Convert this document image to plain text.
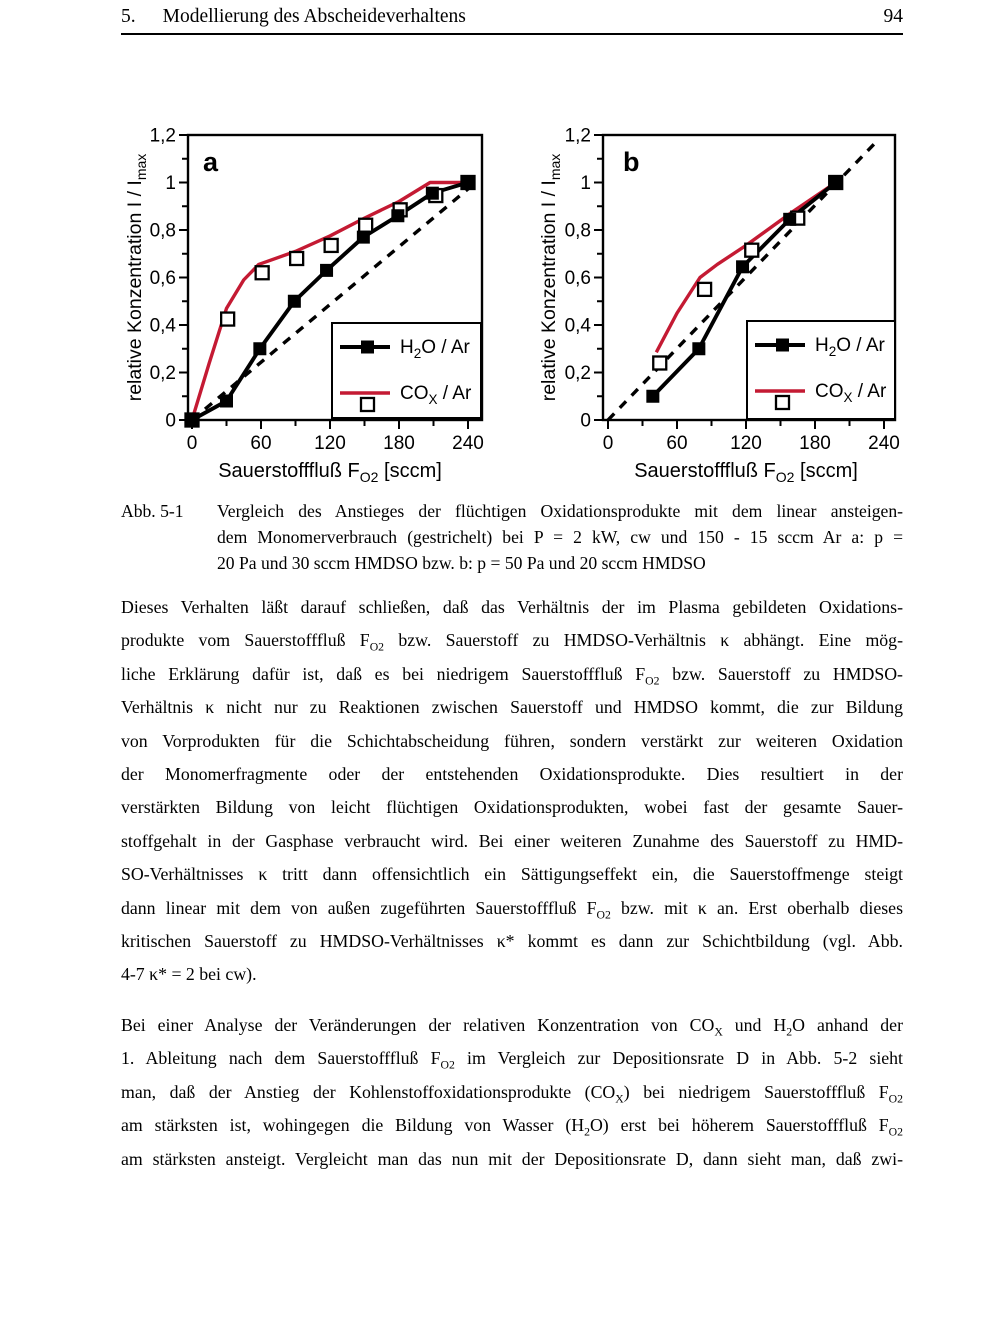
5. Modellierung des Abscheideverhaltens	94
0	60 120 180 240
0
0,2
0,4
0,6
0,8
1
1,2
Sauerstofffluß $F_{O2}$ [sccm]
relative Konzentration I / $I_{max}$
$H_2O$ / Ar
$CO_X$ / Ar
a
0	60 120 180 240
0
0,2
0,4
0,6
0,8
1
1,2
Sauerstofffluß $F_{O2}$ [sccm]
relative Konzentration I / $I_{max}$
$H_2O$ / Ar
$CO_X$ / Ar
b
Abb. 5-1 Vergleich des Anstieges der flüchtigen Oxidationsprodukte mit dem linear ansteigen-
dem Monomerverbrauch (gestrichelt) bei P = 2 kW, cw und 150 - 15 sccm Ar a: p =
20 Pa und 30 sccm HMDSO bzw. b: p = 50 Pa und 20 sccm HMDSO
Dieses Verhalten läßt darauf schließen, daß das Verhältnis der im Plasma gebildeten Oxidations-
produkte vom Sauerstofffluß $F_{O2}$ bzw. Sauerstoff zu HMDSO-Verhältnis κ abhängt. Eine mög-
liche Erklärung dafür ist, daß es bei niedrigem Sauerstofffluß $F_{O2}$ bzw. Sauerstoff zu HMDSO-
Verhältnis κ nicht nur zu Reaktionen zwischen Sauerstoff und HMDSO kommt, die zur Bildung
von Vorprodukten für die Schichtabscheidung führen, sondern verstärkt zur weiteren Oxidation
der Monomerfragmente oder der entstehenden Oxidationsprodukte. Dies resultiert in der
verstärkten Bildung von leicht flüchtigen Oxidationsprodukten, wobei fast der gesamte Sauer-
stoffgehalt in der Gasphase verbraucht wird. Bei einer weiteren Zunahme des Sauerstoff zu HMD-
SO-Verhältnisses κ tritt dann offensichtlich ein Sättigungseffekt ein, die Sauerstoffmenge steigt
dann linear mit dem von außen zugeführten Sauerstofffluß $F_{O2}$ bzw. mit κ an. Erst oberhalb dieses
kritischen Sauerstoff zu HMDSO-Verhältnisses κ* kommt es dann zur Schichtbildung (vgl. Abb.
4-7 κ* = 2 bei cw).
Bei einer Analyse der Veränderungen der relativen Konzentration von $CO_X$ und $H_2O$ anhand der
1. Ableitung nach dem Sauerstofffluß $F_{O2}$ im Vergleich zur Depositionsrate D in Abb. 5-2 sieht
man, daß der Anstieg der Kohlenstoffoxidationsprodukte $(CO_X)$ bei niedrigem Sauerstofffluß $F_{O2}$
am stärksten ist, wohingegen die Bildung von Wasser $(H_2O)$ erst bei höherem Sauerstofffluß $F_{O2}$
am stärksten ansteigt. Vergleicht man das nun mit der Depositionsrate D, dann sieht man, daß zwi-
